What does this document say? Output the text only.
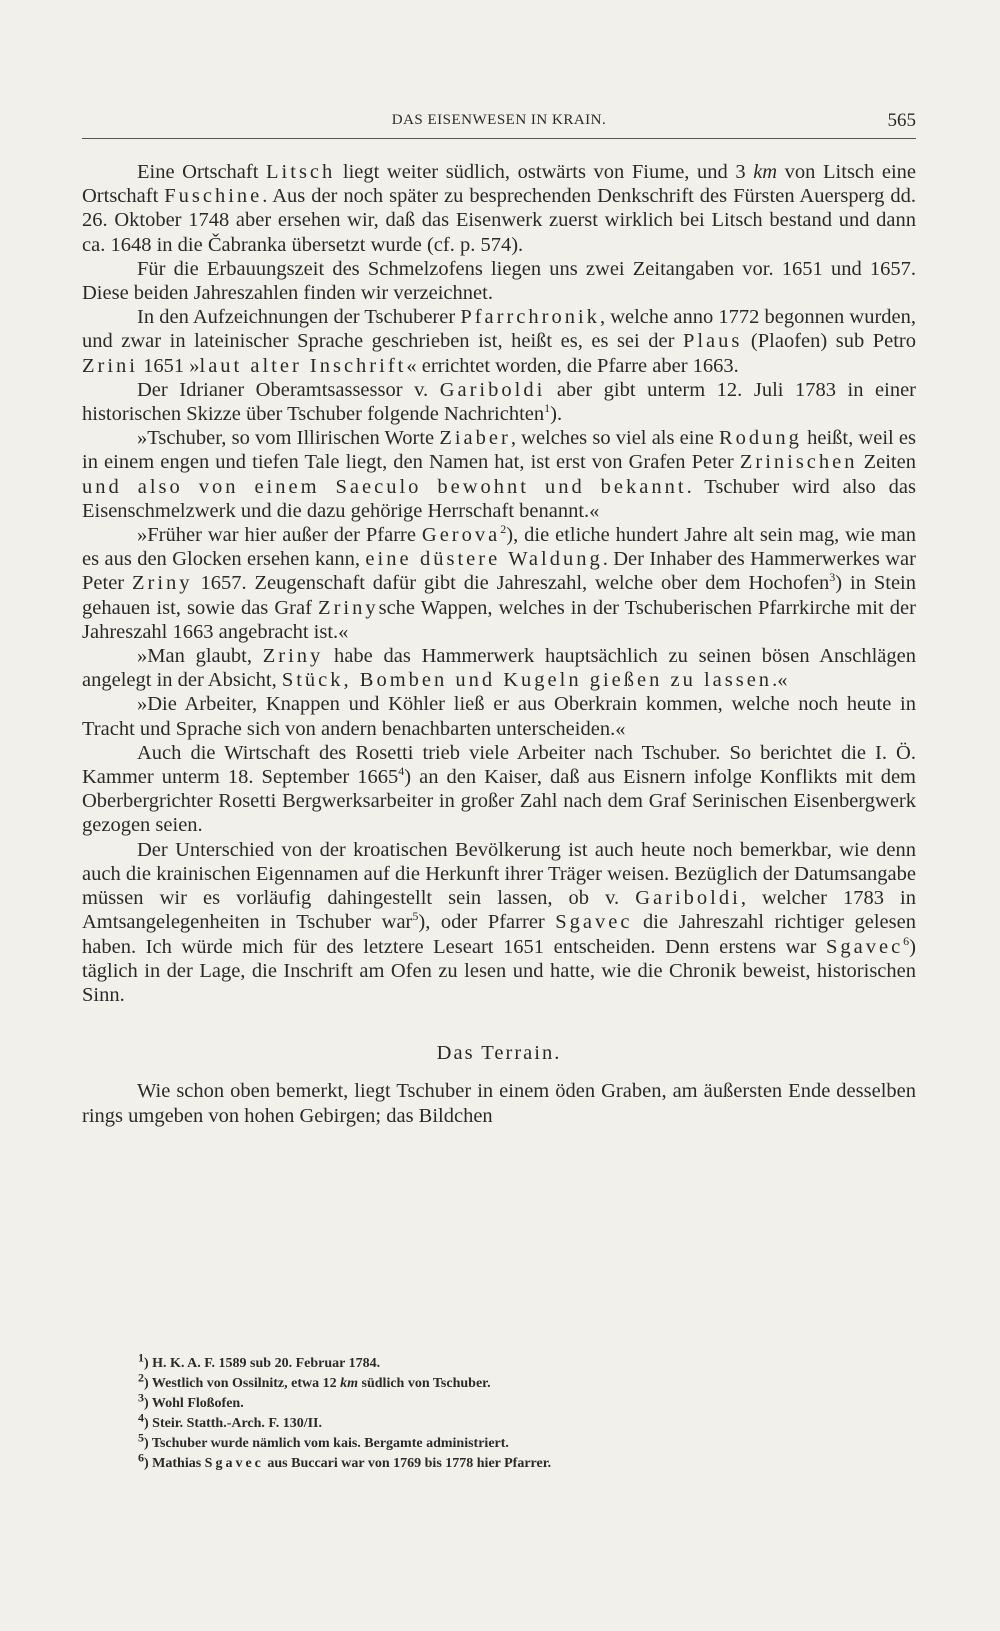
DAS EISENWESEN IN KRAIN.	565

Eine Ortschaft Litsch liegt weiter südlich, ostwärts von Fiume, und 3 km von Litsch eine Ortschaft Fuschine. Aus der noch später zu besprechenden Denkschrift des Fürsten Auersperg dd. 26. Oktober 1748 aber ersehen wir, daß das Eisenwerk zuerst wirklich bei Litsch bestand und dann ca. 1648 in die Čabranka übersetzt wurde (cf. p. 574).

Für die Erbauungszeit des Schmelzofens liegen uns zwei Zeitangaben vor. 1651 und 1657. Diese beiden Jahreszahlen finden wir verzeichnet.

In den Aufzeichnungen der Tschuberer Pfarrchronik, welche anno 1772 begonnen wurden, und zwar in lateinischer Sprache geschrieben ist, heißt es, es sei der Plaus (Plaofen) sub Petro Zrini 1651 »laut alter Inschrift« errichtet worden, die Pfarre aber 1663.

Der Idrianer Oberamtsassessor v. Gariboldi aber gibt unterm 12. Juli 1783 in einer historischen Skizze über Tschuber folgende Nachrichten$^1$).

»Tschuber, so vom Illirischen Worte Ziaber, welches so viel als eine Rodung heißt, weil es in einem engen und tiefen Tale liegt, den Namen hat, ist erst von Grafen Peter Zrinischen Zeiten und also von einem Saeculo bewohnt und bekannt. Tschuber wird also das Eisenschmelzwerk und die dazu gehörige Herrschaft benannt.«

»Früher war hier außer der Pfarre Gerova$^2$), die etliche hundert Jahre alt sein mag, wie man es aus den Glocken ersehen kann, eine düstere Waldung. Der Inhaber des Hammerwerkes war Peter Zriny 1657. Zeugenschaft dafür gibt die Jahreszahl, welche ober dem Hochofen$^3$) in Stein gehauen ist, sowie das Graf Zrinysche Wappen, welches in der Tschuberischen Pfarrkirche mit der Jahreszahl 1663 angebracht ist.«

»Man glaubt, Zriny habe das Hammerwerk hauptsächlich zu seinen bösen Anschlägen angelegt in der Absicht, Stück, Bomben und Kugeln gießen zu lassen.«

»Die Arbeiter, Knappen und Köhler ließ er aus Oberkrain kommen, welche noch heute in Tracht und Sprache sich von andern benachbarten unterscheiden.«

Auch die Wirtschaft des Rosetti trieb viele Arbeiter nach Tschuber. So berichtet die I. Ö. Kammer unterm 18. September 1665$^4$) an den Kaiser, daß aus Eisnern infolge Konflikts mit dem Oberbergrichter Rosetti Bergwerksarbeiter in großer Zahl nach dem Graf Serinischen Eisenbergwerk gezogen seien.

Der Unterschied von der kroatischen Bevölkerung ist auch heute noch bemerkbar, wie denn auch die krainischen Eigennamen auf die Herkunft ihrer Träger weisen. Bezüglich der Datumsangabe müssen wir es vorläufig dahingestellt sein lassen, ob v. Gariboldi, welcher 1783 in Amtsangelegenheiten in Tschuber war$^5$), oder Pfarrer Sgavec die Jahreszahl richtiger gelesen haben. Ich würde mich für des letztere Leseart 1651 entscheiden. Denn erstens war Sgavec$^6$) täglich in der Lage, die Inschrift am Ofen zu lesen und hatte, wie die Chronik beweist, historischen Sinn.

Das Terrain.

Wie schon oben bemerkt, liegt Tschuber in einem öden Graben, am äußersten Ende desselben rings umgeben von hohen Gebirgen; das Bildchen

$^1$) H. K. A. F. 1589 sub 20. Februar 1784.
$^2$) Westlich von Ossilnitz, etwa 12 km südlich von Tschuber.
$^3$) Wohl Floßofen.
$^4$) Steir. Statth.-Arch. F. 130/II.
$^5$) Tschuber wurde nämlich vom kais. Bergamte administriert.
$^6$) Mathias Sgavec aus Buccari war von 1769 bis 1778 hier Pfarrer.
